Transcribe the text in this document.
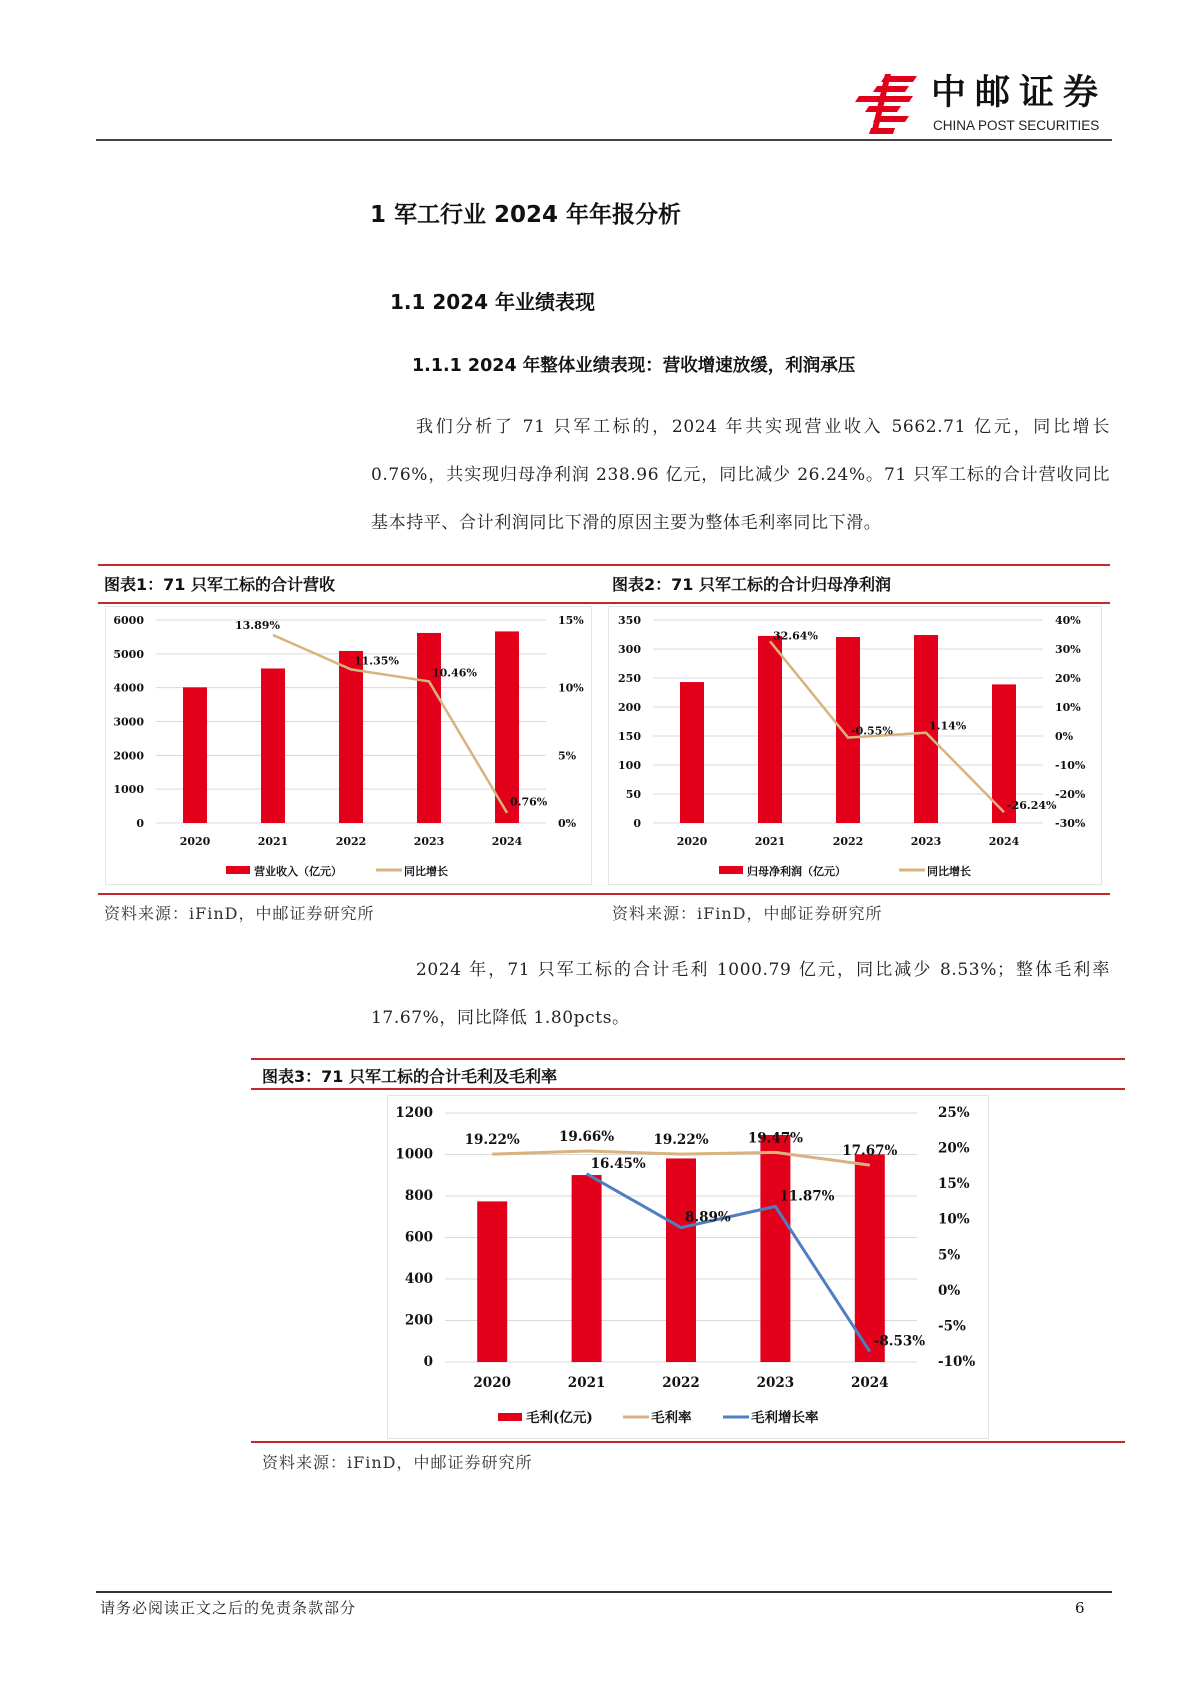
中邮证券
CHINA POST SECURITIES
1 军工行业 2024 年年报分析
1.1 2024 年业绩表现
1.1.1 2024 年整体业绩表现：营收增速放缓，利润承压
我们分析了 71 只军工标的，2024 年共实现营业收入 5662.71 亿元，同比增长 0.76%，共实现归母净利润 238.96 亿元，同比减少 26.24%。71 只军工标的合计营收同比基本持平、合计利润同比下滑的原因主要为整体毛利率同比下滑。
图表1：71 只军工标的合计营收	图表2：71 只军工标的合计归母净利润
0
1000
2000
3000
4000
5000
6000
0%
5%
10%
15%
2020	2021	2022	2023	2024
13.89%
11.35%
10.46%
0.76%
营业收入（亿元）	同比增长
0
50
100
150
200
250
300
350
-30%
-20%
-10%
0%
10%
20%
30%
40%
2020	2021	2022	2023	2024
32.64%
-0.55%	1.14%
-26.24%
归母净利润（亿元）	同比增长
资料来源：iFinD，中邮证券研究所	资料来源：iFinD，中邮证券研究所
2024 年，71 只军工标的合计毛利 1000.79 亿元，同比减少 8.53%；整体毛利率 17.67%，同比降低 1.80pcts。
图表3：71 只军工标的合计毛利及毛利率
0
200
400
600
800
1000
1200
-10%
-5%
0%
5%
10%
15%
20%
25%
2020	2021	2022	2023	2024
19.22%	19.66%	19.22%	19.47%
17.67%
16.45%
8.89%
11.87%
-8.53%
毛利(亿元)	毛利率	毛利增长率
资料来源：iFinD，中邮证券研究所
请务必阅读正文之后的免责条款部分	6
